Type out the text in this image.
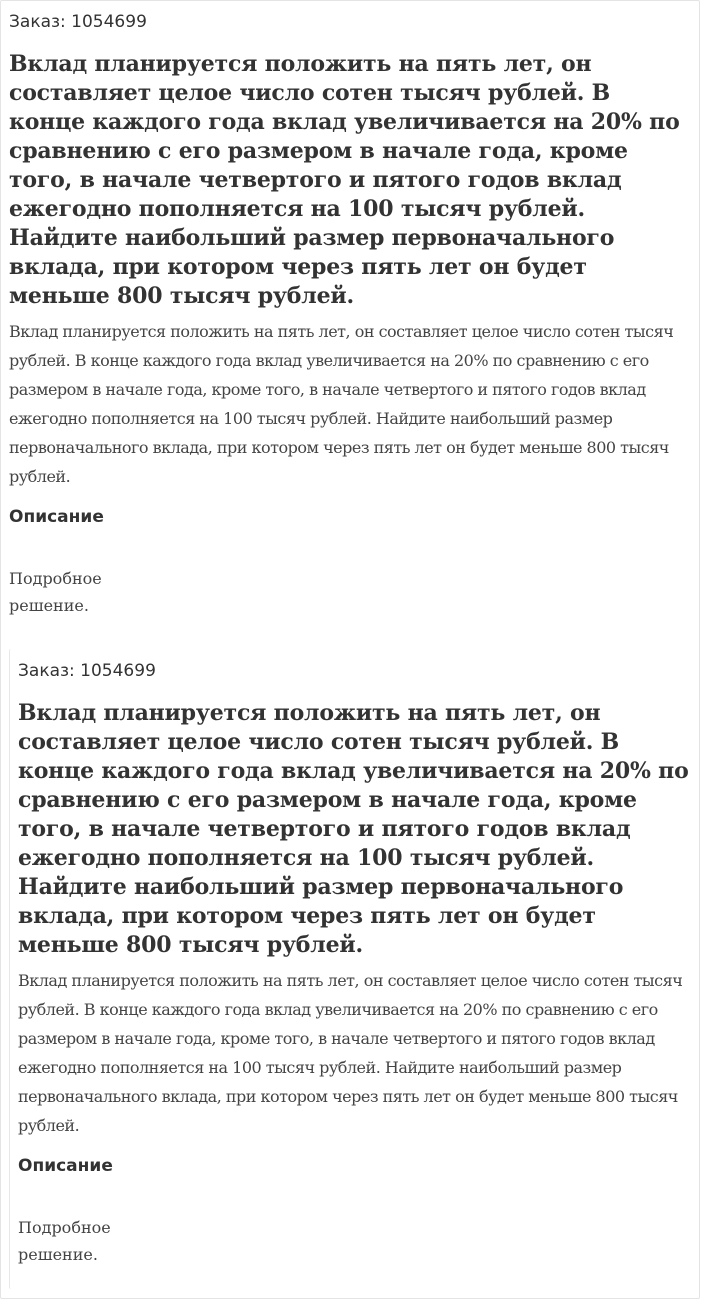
Заказ: 1054699

Вклад планируется положить на пять лет, он составляет целое число сотен тысяч рублей. В конце каждого года вклад увеличивается на 20% по сравнению с его размером в начале года, кроме того, в начале четвертого и пятого годов вклад ежегодно пополняется на 100 тысяч рублей. Найдите наибольший размер первоначального вклада, при котором через пять лет он будет меньше 800 тысяч рублей.

Вклад планируется положить на пять лет, он составляет целое число сотен тысяч рублей. В конце каждого года вклад увеличивается на 20% по сравнению с его размером в начале года, кроме того, в начале четвертого и пятого годов вклад ежегодно пополняется на 100 тысяч рублей. Найдите наибольший размер первоначального вклада, при котором через пять лет он будет меньше 800 тысяч рублей.

Описание

Подробное решение.

Заказ: 1054699

Вклад планируется положить на пять лет, он составляет целое число сотен тысяч рублей. В конце каждого года вклад увеличивается на 20% по сравнению с его размером в начале года, кроме того, в начале четвертого и пятого годов вклад ежегодно пополняется на 100 тысяч рублей. Найдите наибольший размер первоначального вклада, при котором через пять лет он будет меньше 800 тысяч рублей.

Вклад планируется положить на пять лет, он составляет целое число сотен тысяч рублей. В конце каждого года вклад увеличивается на 20% по сравнению с его размером в начале года, кроме того, в начале четвертого и пятого годов вклад ежегодно пополняется на 100 тысяч рублей. Найдите наибольший размер первоначального вклада, при котором через пять лет он будет меньше 800 тысяч рублей.

Описание

Подробное решение.
